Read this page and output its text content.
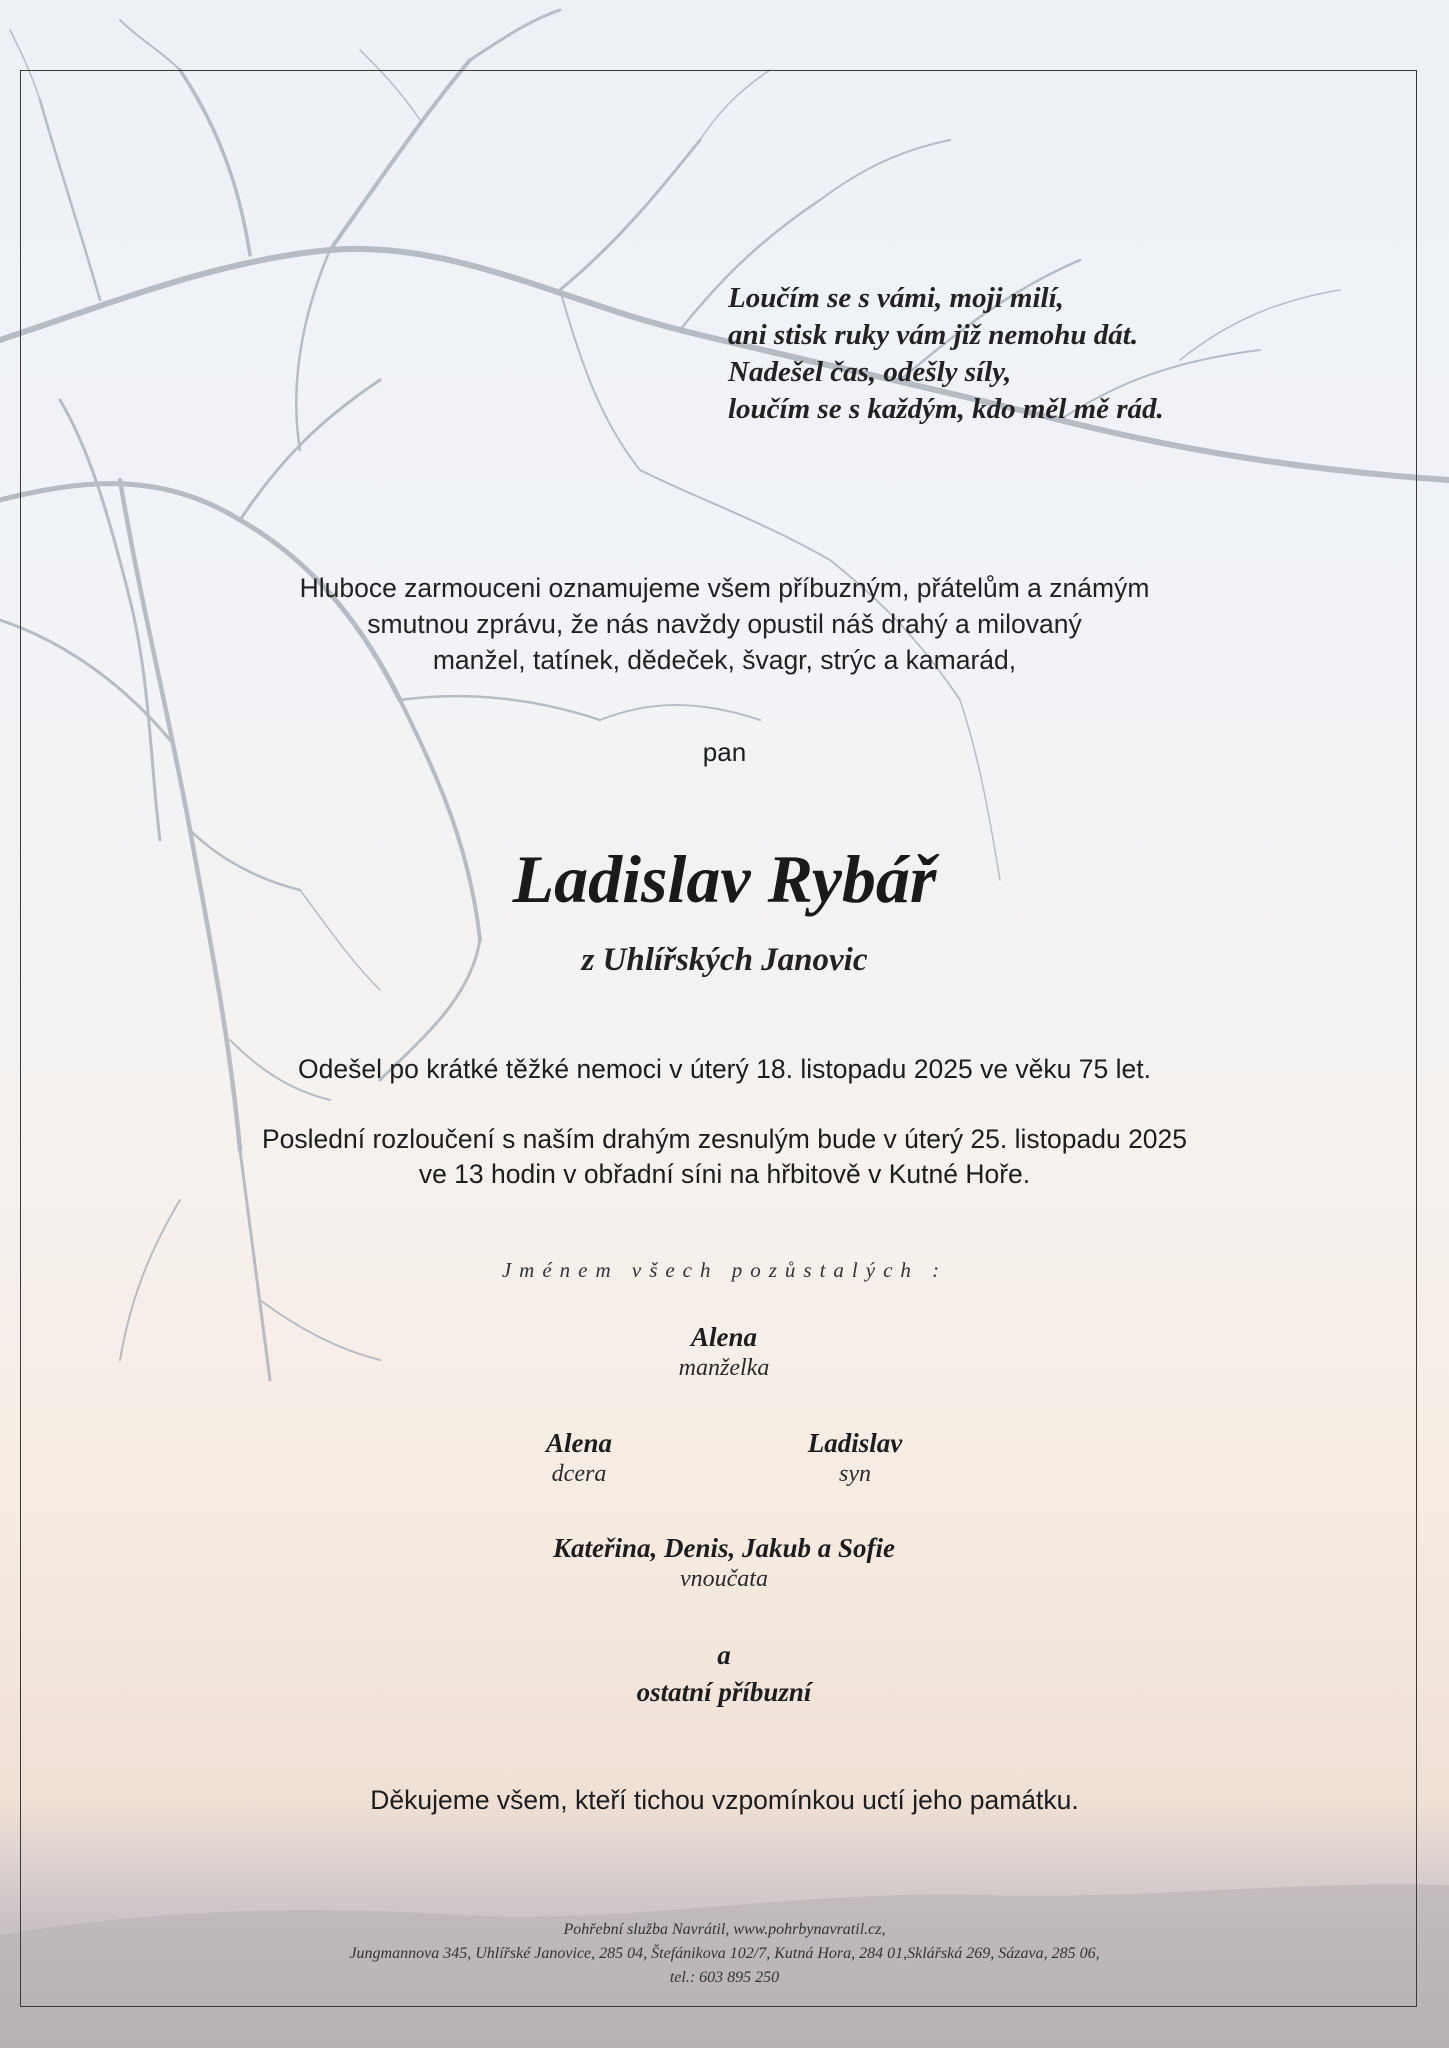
Loučím se s vámi, moji milí,
ani stisk ruky vám již nemohu dát.
Nadešel čas, odešly síly,
loučím se s každým, kdo měl mě rád.
Hluboce zarmouceni oznamujeme všem příbuzným, přátelům a známým
smutnou zprávu, že nás navždy opustil náš drahý a milovaný
manžel, tatínek, dědeček, švagr, strýc a kamarád,
pan
Ladislav Rybář
z Uhlířských Janovic
Odešel po krátké těžké nemoci v úterý 18. listopadu 2025 ve věku 75 let.
Poslední rozloučení s naším drahým zesnulým bude v úterý 25. listopadu 2025
ve 13 hodin v obřadní síni na hřbitově v Kutné Hoře.
Jménem všech pozůstalých :
Alena
manželka
Alena
dcera
Ladislav
syn
Kateřina, Denis, Jakub a Sofie
vnoučata
a
ostatní příbuzní
Děkujeme všem, kteří tichou vzpomínkou uctí jeho památku.
Pohřební služba Navrátil, www.pohrbynavratil.cz,
Jungmannova 345, Uhlířské Janovice, 285 04, Štefánikova 102/7, Kutná Hora, 284 01,Sklářská 269, Sázava, 285 06,
tel.: 603 895 250
